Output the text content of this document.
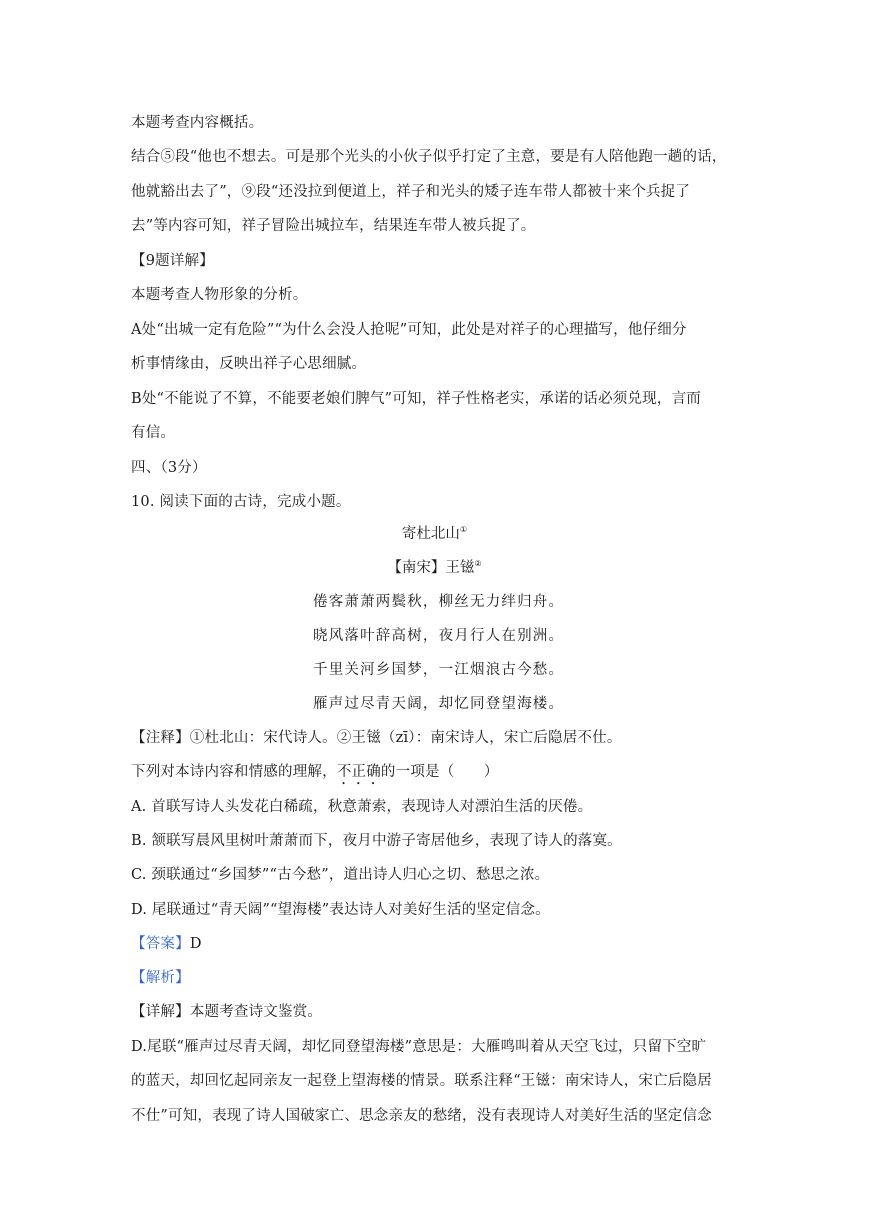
本题考查内容概括。
结合⑤段“他也不想去。可是那个光头的小伙子似乎打定了主意，要是有人陪他跑一趟的话，
他就豁出去了”，⑨段“还没拉到便道上，祥子和光头的矮子连车带人都被十来个兵捉了
去”等内容可知，祥子冒险出城拉车，结果连车带人被兵捉了。
【9题详解】
本题考查人物形象的分析。
A处“出城一定有危险”“为什么会没人抢呢”可知，此处是对祥子的心理描写，他仔细分
析事情缘由，反映出祥子心思细腻。
B处“不能说了不算，不能要老娘们脾气”可知，祥子性格老实，承诺的话必须兑现，言而
有信。
四、（3分）
10. 阅读下面的古诗，完成小题。
寄杜北山①
【南宋】王镃②
倦客萧萧两鬓秋，柳丝无力绊归舟。
晓风落叶辞高树，夜月行人在别洲。
千里关河乡国梦，一江烟浪古今愁。
雁声过尽青天阔，却忆同登望海楼。
【注释】①杜北山：宋代诗人。②王镃（zī）：南宋诗人，宋亡后隐居不仕。
下列对本诗内容和情感的理解，不正确的一项是（　　）
A. 首联写诗人头发花白稀疏，秋意萧索，表现诗人对漂泊生活的厌倦。
B. 颔联写晨风里树叶萧萧而下，夜月中游子寄居他乡，表现了诗人的落寞。
C. 颈联通过“乡国梦”“古今愁”，道出诗人归心之切、愁思之浓。
D. 尾联通过“青天阔”“望海楼”表达诗人对美好生活的坚定信念。
【答案】D
【解析】
【详解】本题考查诗文鉴赏。
D.尾联“雁声过尽青天阔，却忆同登望海楼”意思是：大雁鸣叫着从天空飞过，只留下空旷
的蓝天，却回忆起同亲友一起登上望海楼的情景。联系注释“王镃：南宋诗人，宋亡后隐居
不仕”可知，表现了诗人国破家亡、思念亲友的愁绪，没有表现诗人对美好生活的坚定信念
